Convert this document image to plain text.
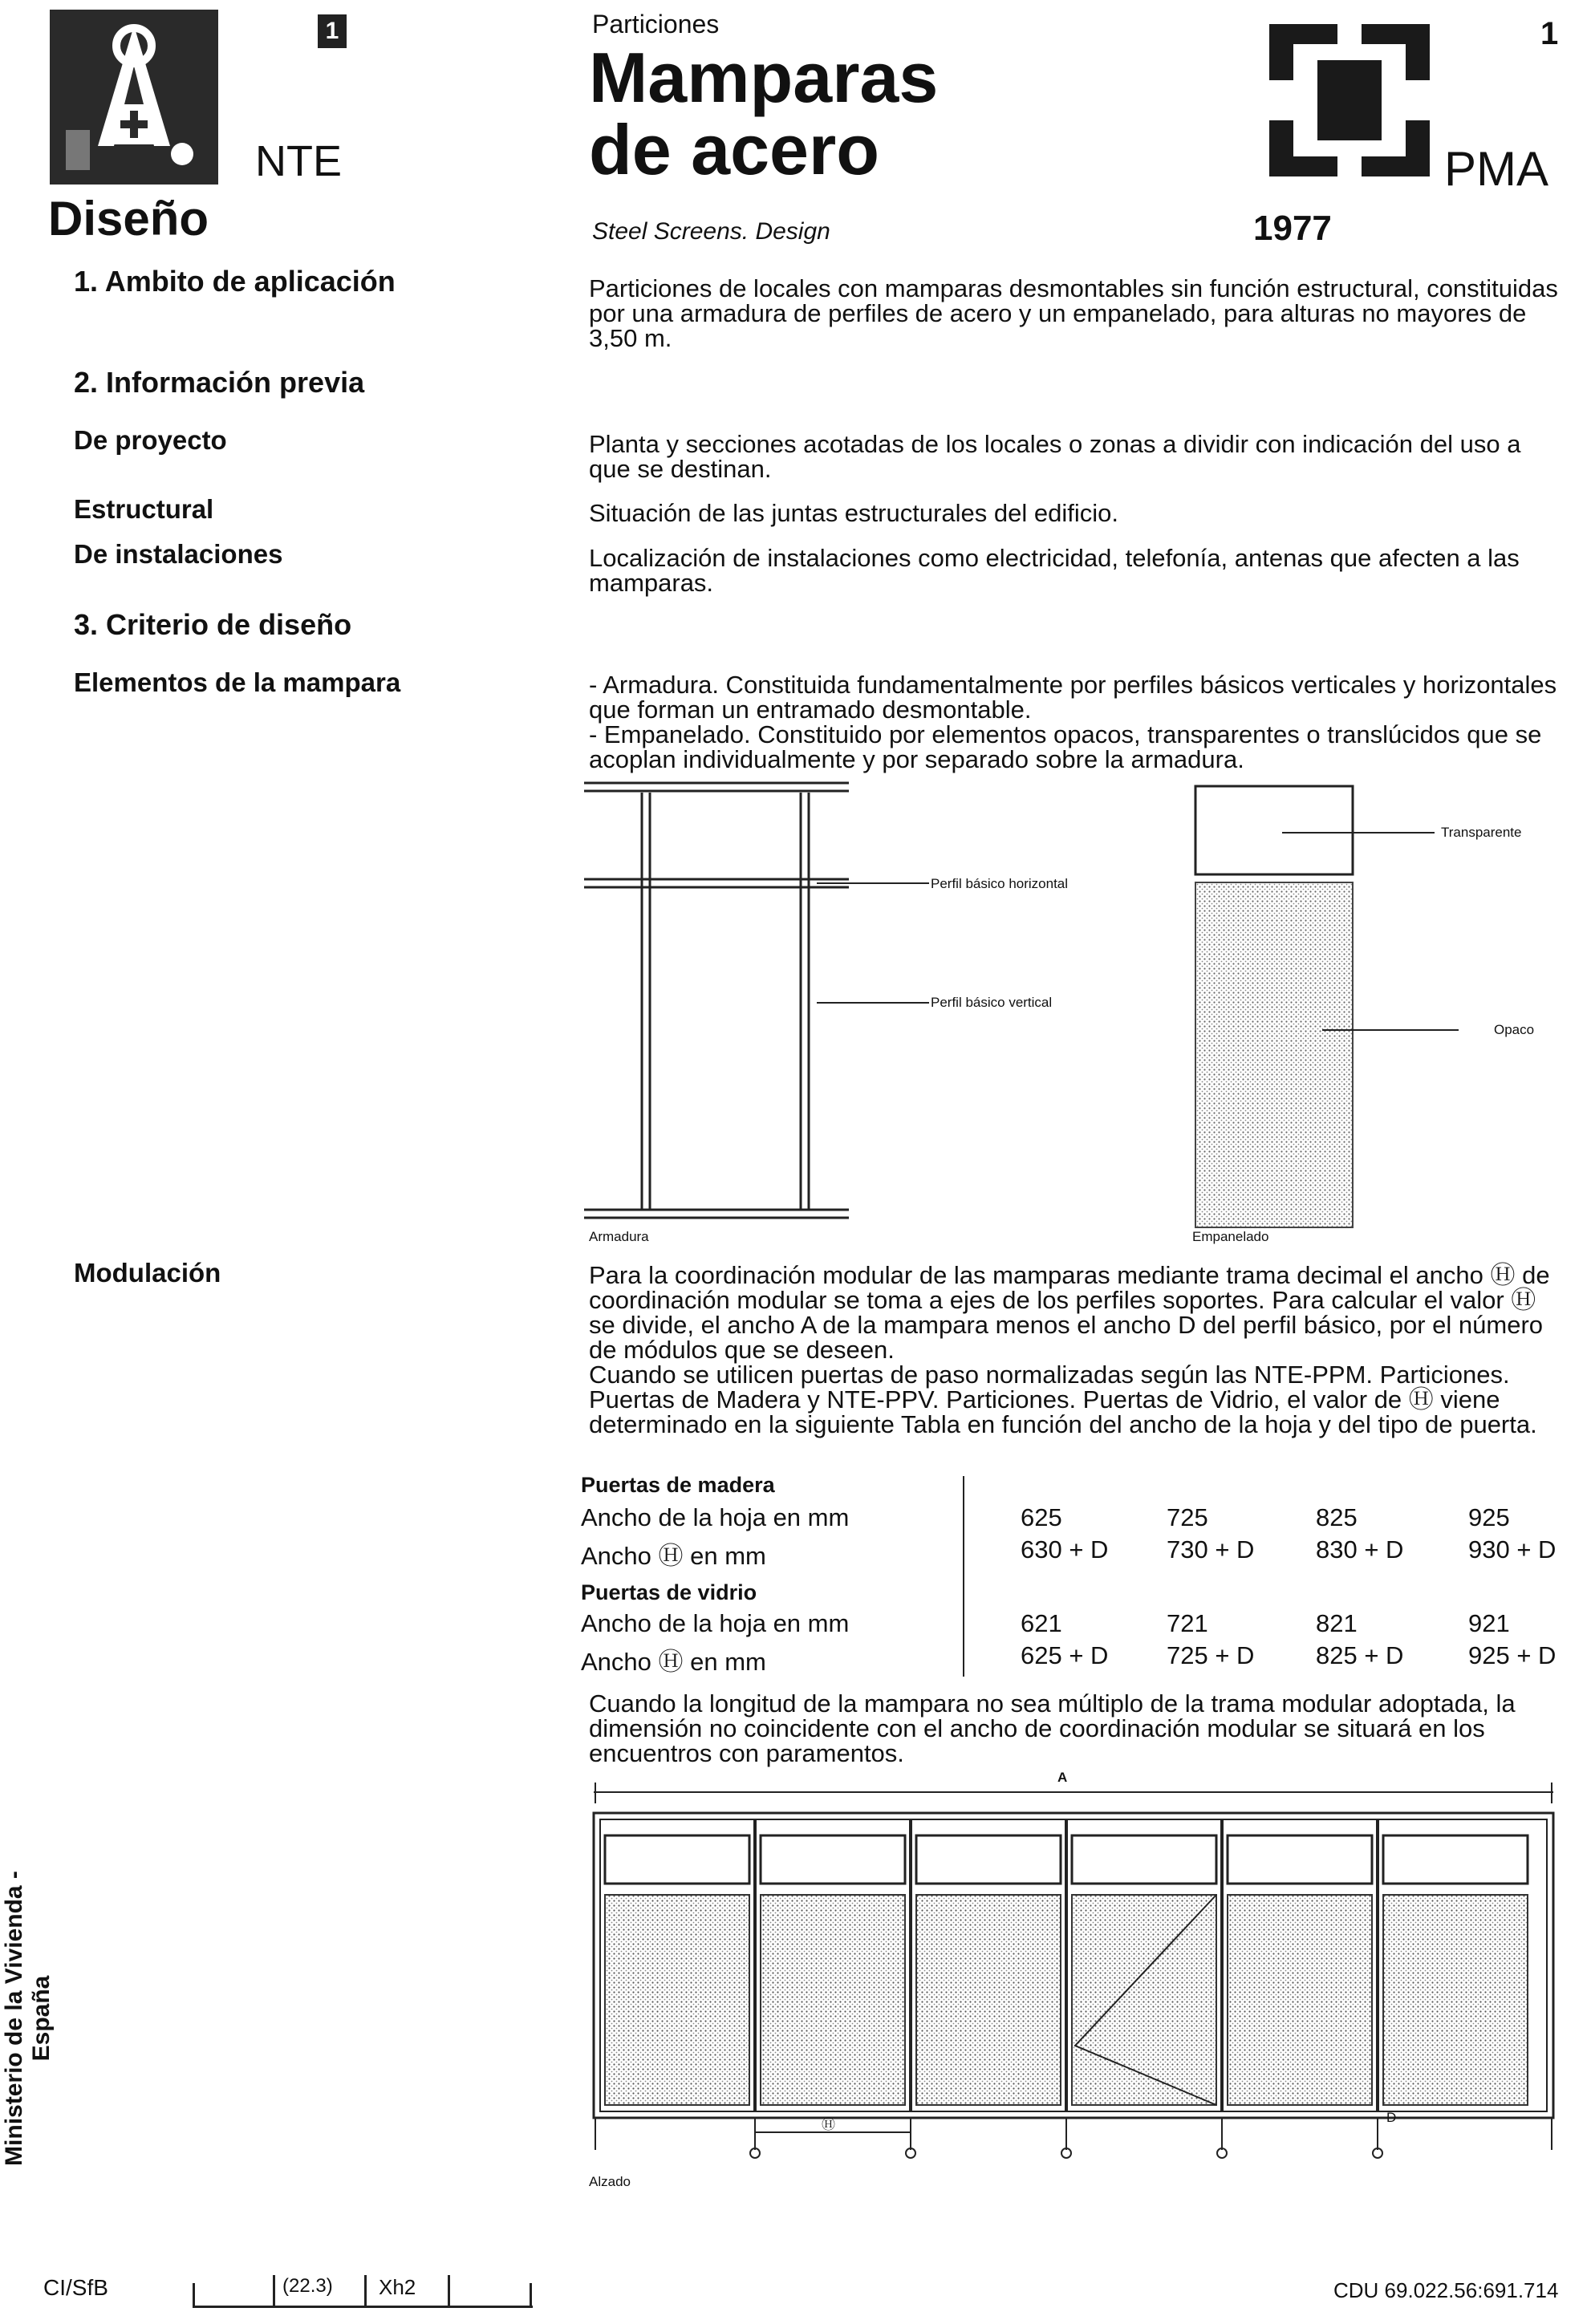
1
NTE
Diseño
Particiones
Mamparas
de acero
Steel Screens. Design
1
PMA
1977
1. Ambito de aplicación
2. Información previa
De proyecto
Estructural
De instalaciones
3. Criterio de diseño
Elementos de la mampara
Modulación
Particiones de locales con mamparas desmontables sin función estructural, constituidas por una armadura de perfiles de acero y un empanelado, para alturas no mayores de 3,50 m.
Planta y secciones acotadas de los locales o zonas a dividir con indicación del uso a que se destinan.
Situación de las juntas estructurales del edificio.
Localización de instalaciones como electricidad, telefonía, antenas que afecten a las mamparas.

- Armadura. Constituida fundamentalmente por perfiles básicos verticales y horizontales que forman un entramado desmontable.

- Empanelado. Constituido por elementos opacos, transparentes o translúcidos que se acoplan individualmente y por separado sobre la armadura.

Perfil básico horizontal
Perfil básico vertical
Armadura
Transparente
Opaco
Empanelado

Para la coordinación modular de las mamparas mediante trama decimal el ancho Ⓗ de coordinación modular se toma a ejes de los perfiles soportes. Para calcular el valor Ⓗ se divide, el ancho A de la mampara menos el ancho D del perfil básico, por el número de módulos que se deseen.

Cuando se utilicen puertas de paso normalizadas según las NTE-PPM. Particiones. Puertas de Madera y NTE-PPV. Particiones. Puertas de Vidrio, el valor de Ⓗ viene determinado en la siguiente Tabla en función del ancho de la hoja y del tipo de puerta.

Puertas de madera
Ancho de la hoja en mm	625	725	825	925
Ancho Ⓗ en mm	630 + D 730 + D 830 + D	930 + D
Puertas de vidrio
Ancho de la hoja en mm	621	721	821	921
Ancho Ⓗ en mm	625 + D 725 + D 825 + D	925 + D
Cuando la longitud de la mampara no sea múltiplo de la trama modular adoptada, la dimensión no coincidente con el ancho de coordinación modular se situará en los encuentros con paramentos.
A
Ⓗ	D
Alzado
Ministerio de la Vivienda - España
CI/SfB	(22.3) Xh2	CDU 69.022.56:691.714
